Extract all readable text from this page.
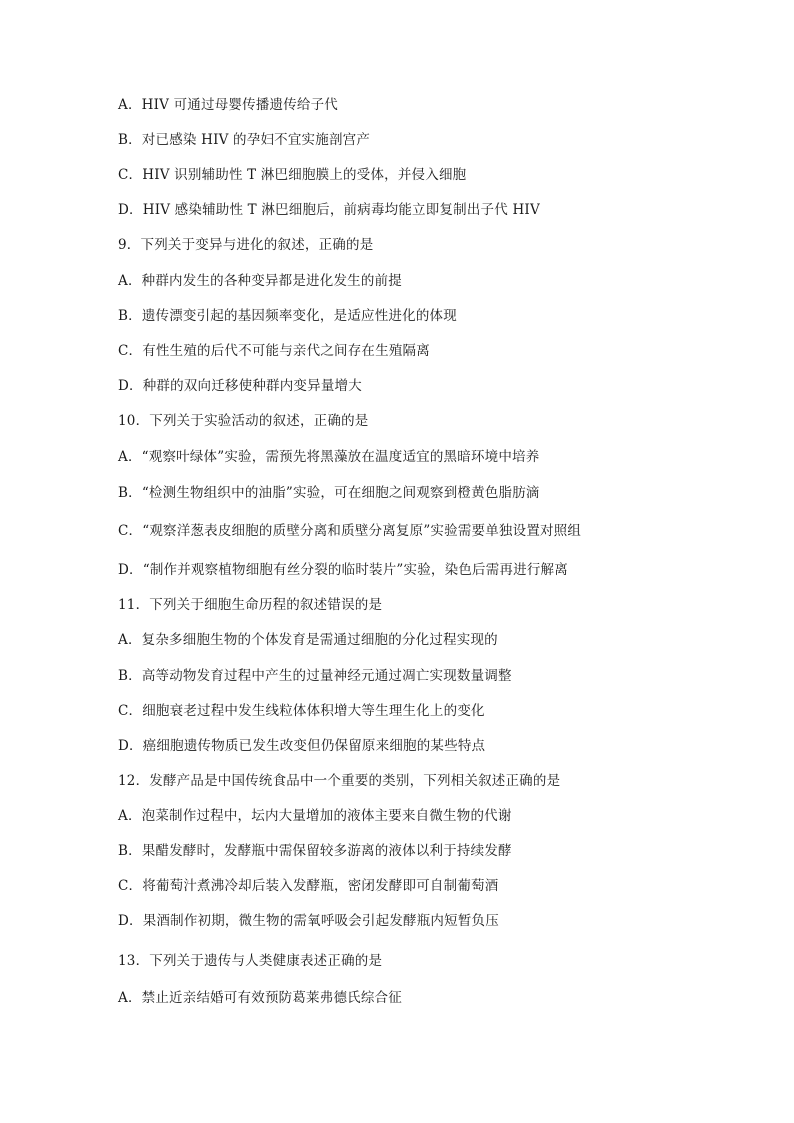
A．HIV 可通过母婴传播遗传给子代
B．对已感染 HIV 的孕妇不宜实施剖宫产
C．HIV 识别辅助性 T 淋巴细胞膜上的受体，并侵入细胞
D．HIV 感染辅助性 T 淋巴细胞后，前病毒均能立即复制出子代 HIV
9．下列关于变异与进化的叙述，正确的是
A．种群内发生的各种变异都是进化发生的前提
B．遗传漂变引起的基因频率变化，是适应性进化的体现
C．有性生殖的后代不可能与亲代之间存在生殖隔离
D．种群的双向迁移使种群内变异量增大
10．下列关于实验活动的叙述，正确的是
A．“观察叶绿体”实验，需预先将黑藻放在温度适宜的黑暗环境中培养
B．“检测生物组织中的油脂”实验，可在细胞之间观察到橙黄色脂肪滴
C．“观察洋葱表皮细胞的质壁分离和质壁分离复原”实验需要单独设置对照组
D．“制作并观察植物细胞有丝分裂的临时装片”实验，染色后需再进行解离
11．下列关于细胞生命历程的叙述错误的是
A．复杂多细胞生物的个体发育是需通过细胞的分化过程实现的
B．高等动物发育过程中产生的过量神经元通过凋亡实现数量调整
C．细胞衰老过程中发生线粒体体积增大等生理生化上的变化
D．癌细胞遗传物质已发生改变但仍保留原来细胞的某些特点
12．发酵产品是中国传统食品中一个重要的类别，下列相关叙述正确的是
A．泡菜制作过程中，坛内大量增加的液体主要来自微生物的代谢
B．果醋发酵时，发酵瓶中需保留较多游离的液体以利于持续发酵
C．将葡萄汁煮沸冷却后装入发酵瓶，密闭发酵即可自制葡萄酒
D．果酒制作初期，微生物的需氧呼吸会引起发酵瓶内短暂负压
13．下列关于遗传与人类健康表述正确的是
A．禁止近亲结婚可有效预防葛莱弗德氏综合征
